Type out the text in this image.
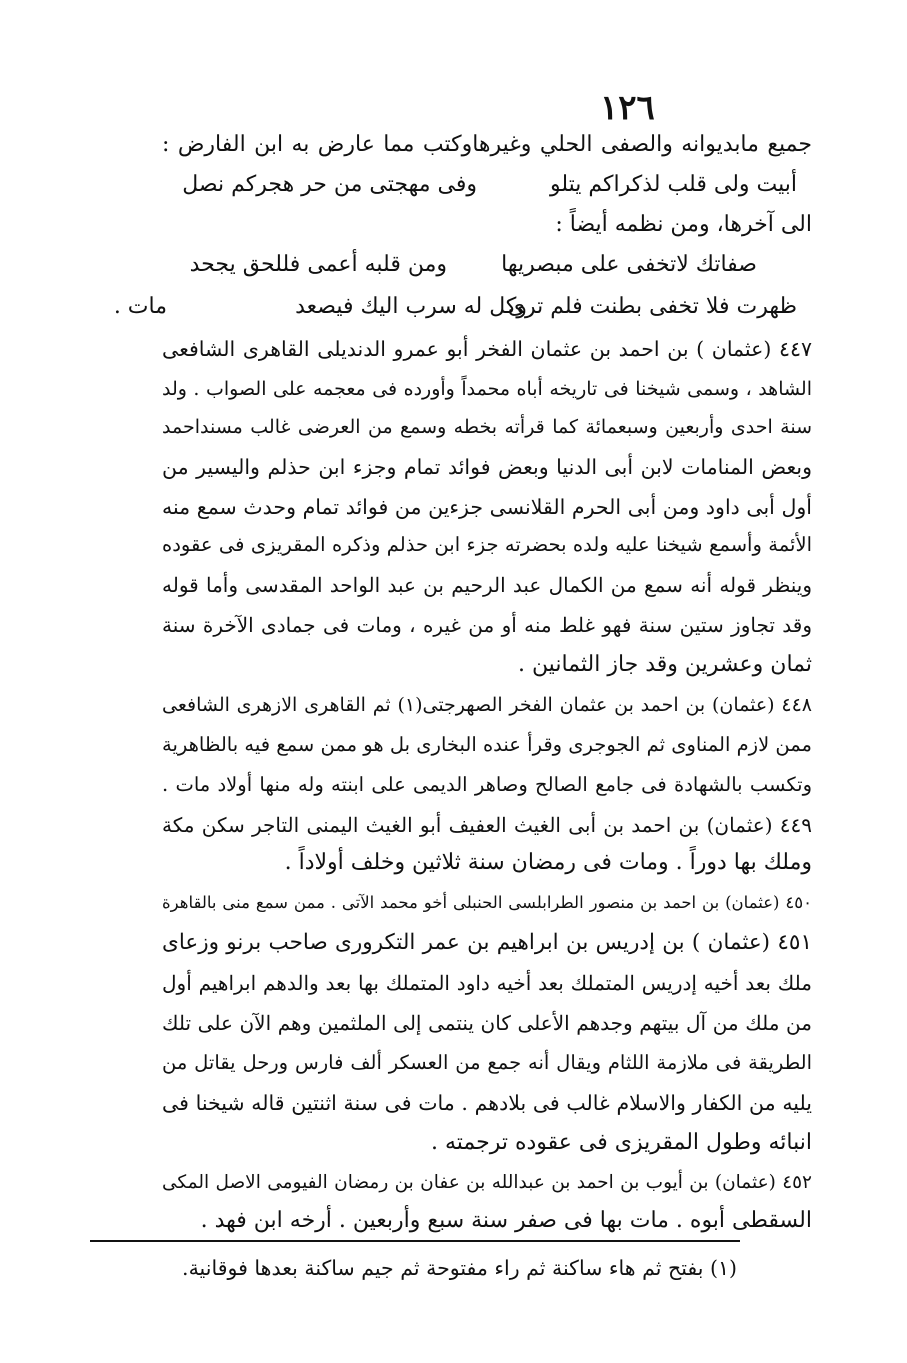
١٢٦
جميع مابديوانه والصفى الحلي وغيرهاوكتب مما عارض به ابن الفارض :
أبيت ولى قلب لذكراكم يتلو
وفى مهجتى من حر هجركم نصل
الى آخرها، ومن نظمه أيضاً :
صفاتك لاتخفى على مبصريها
ومن قلبه أعمى فللحق يجحد
ظهرت فلا تخفى بطنت فلم ترى
وكل له سرب اليك فيصعد
مات .
٤٤٧ (عثمان ) بن احمد بن عثمان الفخر أبو عمرو الدنديلى القاهرى الشافعى
الشاهد ، وسمى شيخنا فى تاريخه أباه محمداً وأورده فى معجمه على الصواب . ولد
سنة احدى وأربعين وسبعمائة كما قرأته بخطه وسمع من العرضى غالب مسنداحمد
وبعض المنامات لابن أبى الدنيا وبعض فوائد تمام وجزء ابن حذلم واليسير من
أول أبى داود ومن أبى الحرم القلانسى جزءين من فوائد تمام وحدث سمع منه
الأئمة وأسمع شيخنا عليه ولده بحضرته جزء ابن حذلم وذكره المقريزى فى عقوده
وينظر قوله أنه سمع من الكمال عبد الرحيم بن عبد الواحد المقدسى وأما قوله
وقد تجاوز ستين سنة فهو غلط منه أو من غيره ، ومات فى جمادى الآخرة سنة
ثمان وعشرين وقد جاز الثمانين .
٤٤٨ (عثمان) بن احمد بن عثمان الفخر الصهرجتى(١) ثم القاهرى الازهرى الشافعى
ممن لازم المناوى ثم الجوجرى وقرأ عنده البخارى بل هو ممن سمع فيه بالظاهرية
وتكسب بالشهادة فى جامع الصالح وصاهر الديمى على ابنته وله منها أولاد مات .
٤٤٩ (عثمان) بن احمد بن أبى الغيث العفيف أبو الغيث اليمنى التاجر سكن مكة
وملك بها دوراً . ومات فى رمضان سنة ثلاثين وخلف أولاداً .
٤٥٠ (عثمان) بن احمد بن منصور الطرابلسى الحنبلى أخو محمد الآتى . ممن سمع منى بالقاهرة
٤٥١ (عثمان ) بن إدريس بن ابراهيم بن عمر التكرورى صاحب برنو وزعاى
ملك بعد أخيه إدريس المتملك بعد أخيه داود المتملك بها بعد والدهم ابراهيم أول
من ملك من آل بيتهم وجدهم الأعلى كان ينتمى إلى الملثمين وهم الآن على تلك
الطريقة فى ملازمة اللثام ويقال أنه جمع من العسكر ألف فارس ورحل يقاتل من
يليه من الكفار والاسلام غالب فى بلادهم . مات فى سنة اثنتين قاله شيخنا فى
انبائه وطول المقريزى فى عقوده ترجمته .
٤٥٢ (عثمان) بن أيوب بن احمد بن عبدالله بن عفان بن رمضان الفيومى الاصل المكى
السقطى أبوه . مات بها فى صفر سنة سبع وأربعين . أرخه ابن فهد .
(١) بفتح ثم هاء ساكنة ثم راء مفتوحة ثم جيم ساكنة بعدها فوقانية.
